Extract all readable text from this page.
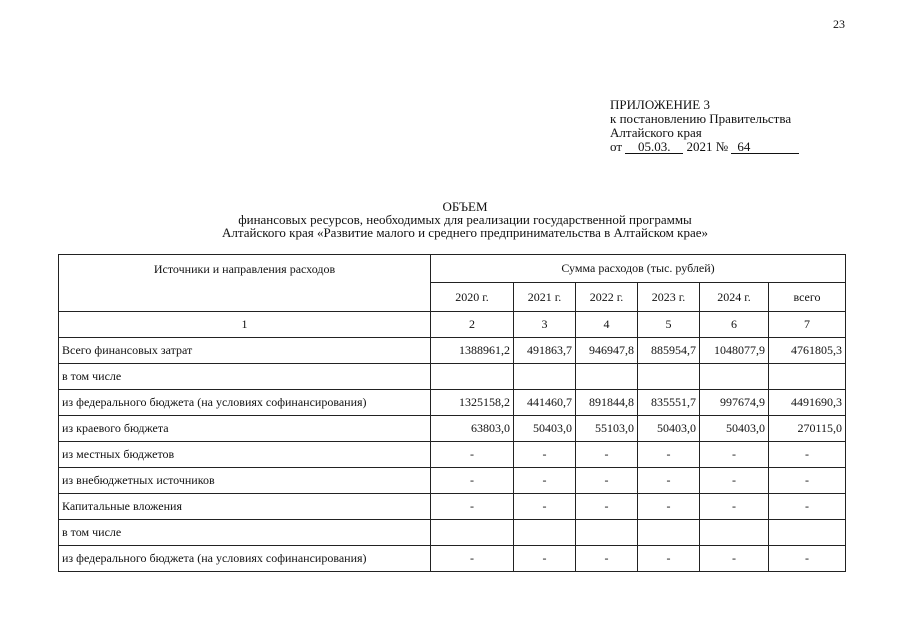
23
ПРИЛОЖЕНИЕ 3
к постановлению Правительства
Алтайского края
от 05.03. 2021 № 64
ОБЪЕМ
финансовых ресурсов, необходимых для реализации государственной программы
Алтайского края «Развитие малого и среднего предпринимательства в Алтайском крае»
Источники и направления расходов	Сумма расходов (тыс. рублей)					
	2020 г.	2021 г.	2022 г.	2023 г.	2024 г.	всего
1	2	3	4	5	6	7
Всего финансовых затрат	1388961,2	491863,7	946947,8	885954,7	1048077,9	4761805,3
в том числе						
из федерального бюджета (на условиях софинансирования)	1325158,2	441460,7	891844,8	835551,7	997674,9	4491690,3
из краевого бюджета	63803,0	50403,0	55103,0	50403,0	50403,0	270115,0
из местных бюджетов	-	-	-	-	-	-
из внебюджетных источников	-	-	-	-	-	-
Капитальные вложения	-	-	-	-	-	-
в том числе						
из федерального бюджета (на условиях софинансирования)	-	-	-	-	-	-
